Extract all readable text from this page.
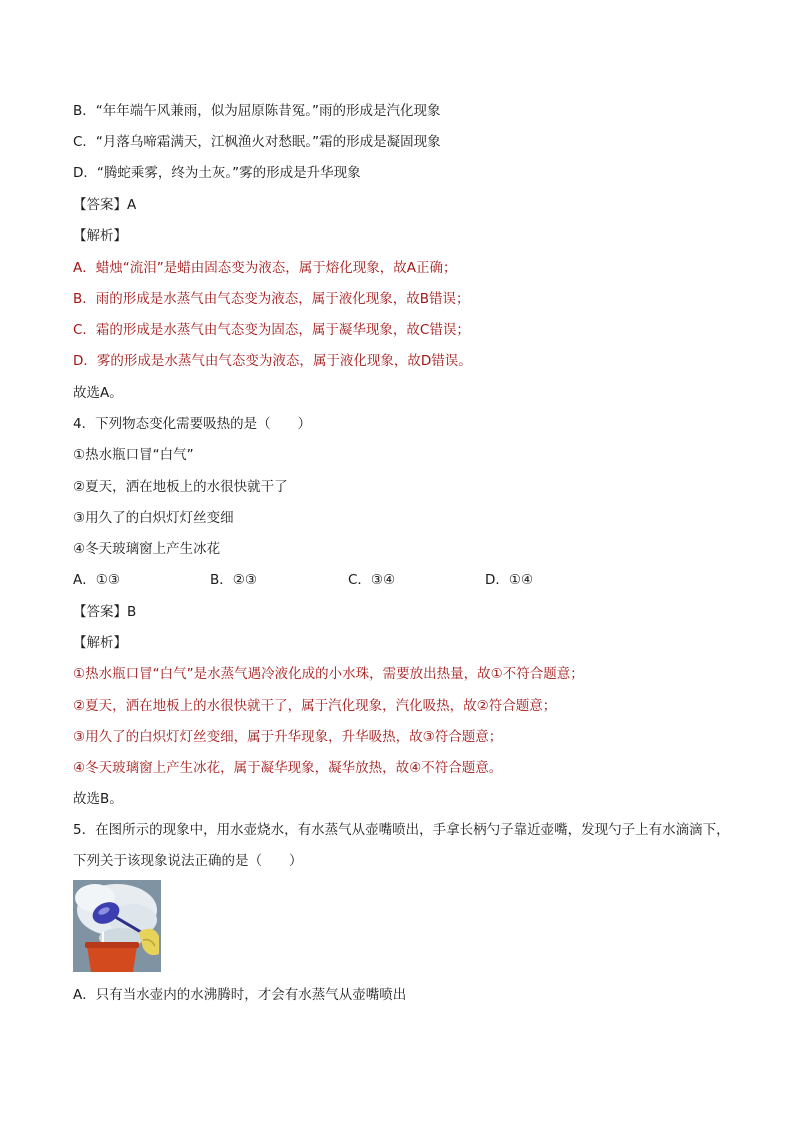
B．“年年端午风兼雨，似为屈原陈昔冤。”雨的形成是汽化现象
C．“月落乌啼霜满天，江枫渔火对愁眠。”霜的形成是凝固现象
D．“腾蛇乘雾，终为土灰。”雾的形成是升华现象
【答案】A
【解析】
A．蜡烛“流泪”是蜡由固态变为液态，属于熔化现象，故A正确；
B．雨的形成是水蒸气由气态变为液态，属于液化现象，故B错误；
C．霜的形成是水蒸气由气态变为固态，属于凝华现象，故C错误；
D．雾的形成是水蒸气由气态变为液态，属于液化现象，故D错误。
故选A。
4．下列物态变化需要吸热的是（　　）
①热水瓶口冒“白气”
②夏天，洒在地板上的水很快就干了
③用久了的白炽灯灯丝变细
④冬天玻璃窗上产生冰花
A．①③	B．②③	C．③④	D．①④
【答案】B
【解析】
①热水瓶口冒“白气”是水蒸气遇冷液化成的小水珠，需要放出热量，故①不符合题意；
②夏天，洒在地板上的水很快就干了，属于汽化现象，汽化吸热，故②符合题意；
③用久了的白炽灯灯丝变细，属于升华现象，升华吸热，故③符合题意；
④冬天玻璃窗上产生冰花，属于凝华现象，凝华放热，故④不符合题意。
故选B。
5．在图所示的现象中，用水壶烧水，有水蒸气从壶嘴喷出，手拿长柄勺子靠近壶嘴，发现勺子上有水滴滴下，下列关于该现象说法正确的是（　　）
A．只有当水壶内的水沸腾时，才会有水蒸气从壶嘴喷出
